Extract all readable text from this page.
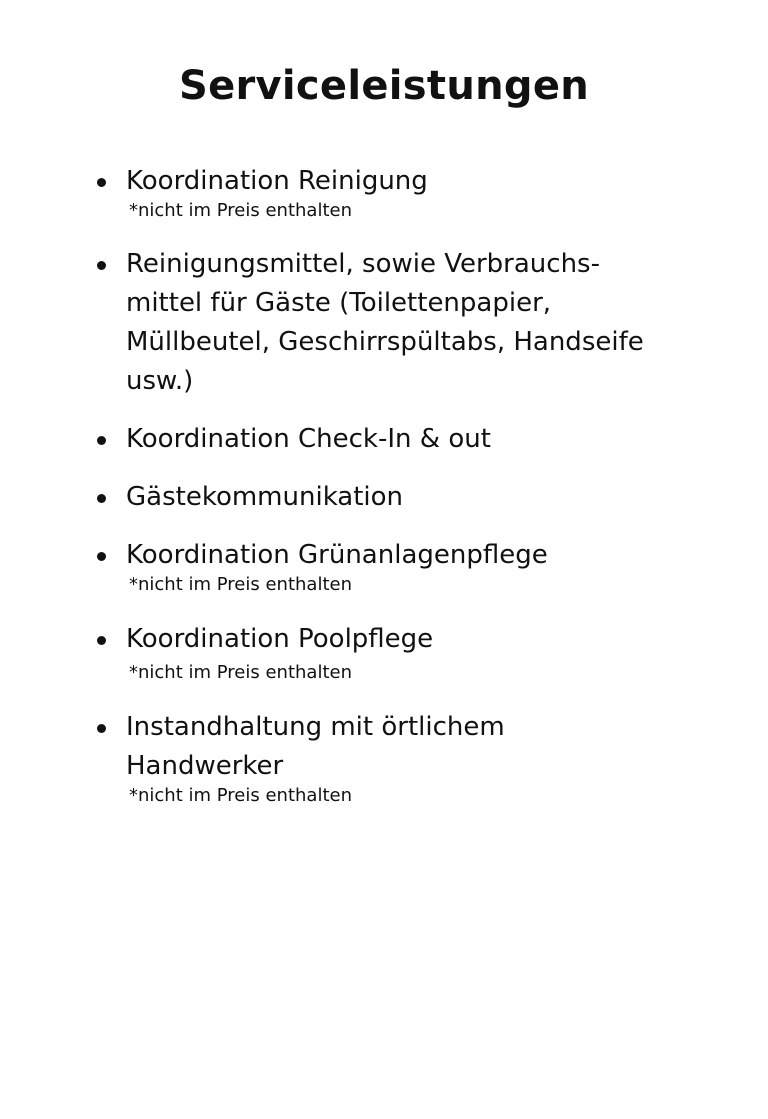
Serviceleistungen

Koordination Reinigung

*nicht im Preis enthalten

Reinigungsmittel, sowie Verbrauchs-

mittel für Gäste (Toilettenpapier,

Müllbeutel, Geschirrspültabs, Handseife

usw.)

Koordination Check-In & out

Gästekommunikation

Koordination Grünanlagenpflege

*nicht im Preis enthalten

Koordination Poolpflege

*nicht im Preis enthalten

Instandhaltung mit örtlichem

Handwerker

*nicht im Preis enthalten
